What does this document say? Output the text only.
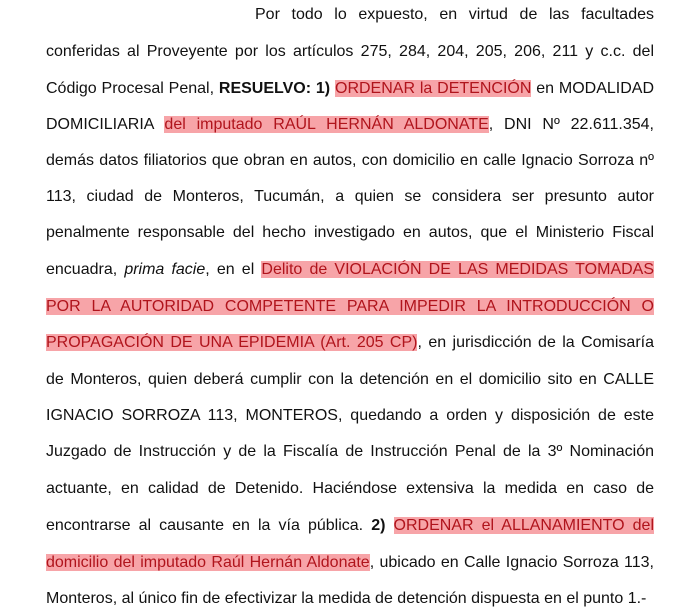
Por todo lo expuesto, en virtud de las facultades
conferidas al Proveyente por los artículos 275, 284, 204, 205, 206, 211 y c.c. del
Código Procesal Penal, RESUELVO: 1) ORDENAR la DETENCIÓN en MODALIDAD
DOMICILIARIA del imputado RAÚL HERNÁN ALDONATE, DNI Nº 22.611.354,
demás datos filiatorios que obran en autos, con domicilio en calle Ignacio Sorroza nº
113, ciudad de Monteros, Tucumán, a quien se considera ser presunto autor
penalmente responsable del hecho investigado en autos, que el Ministerio Fiscal
encuadra, prima facie, en el Delito de VIOLACIÓN DE LAS MEDIDAS TOMADAS
POR LA AUTORIDAD COMPETENTE PARA IMPEDIR LA INTRODUCCIÓN O
PROPAGACIÓN DE UNA EPIDEMIA (Art. 205 CP), en jurisdicción de la Comisaría
de Monteros, quien deberá cumplir con la detención en el domicilio sito en CALLE
IGNACIO SORROZA 113, MONTEROS, quedando a orden y disposición de este
Juzgado de Instrucción y de la Fiscalía de Instrucción Penal de la 3º Nominación
actuante, en calidad de Detenido. Haciéndose extensiva la medida en caso de
encontrarse al causante en la vía pública. 2) ORDENAR el ALLANAMIENTO del
domicilio del imputado Raúl Hernán Aldonate, ubicado en Calle Ignacio Sorroza 113,
Monteros, al único fin de efectivizar la medida de detención dispuesta en el punto 1.-
